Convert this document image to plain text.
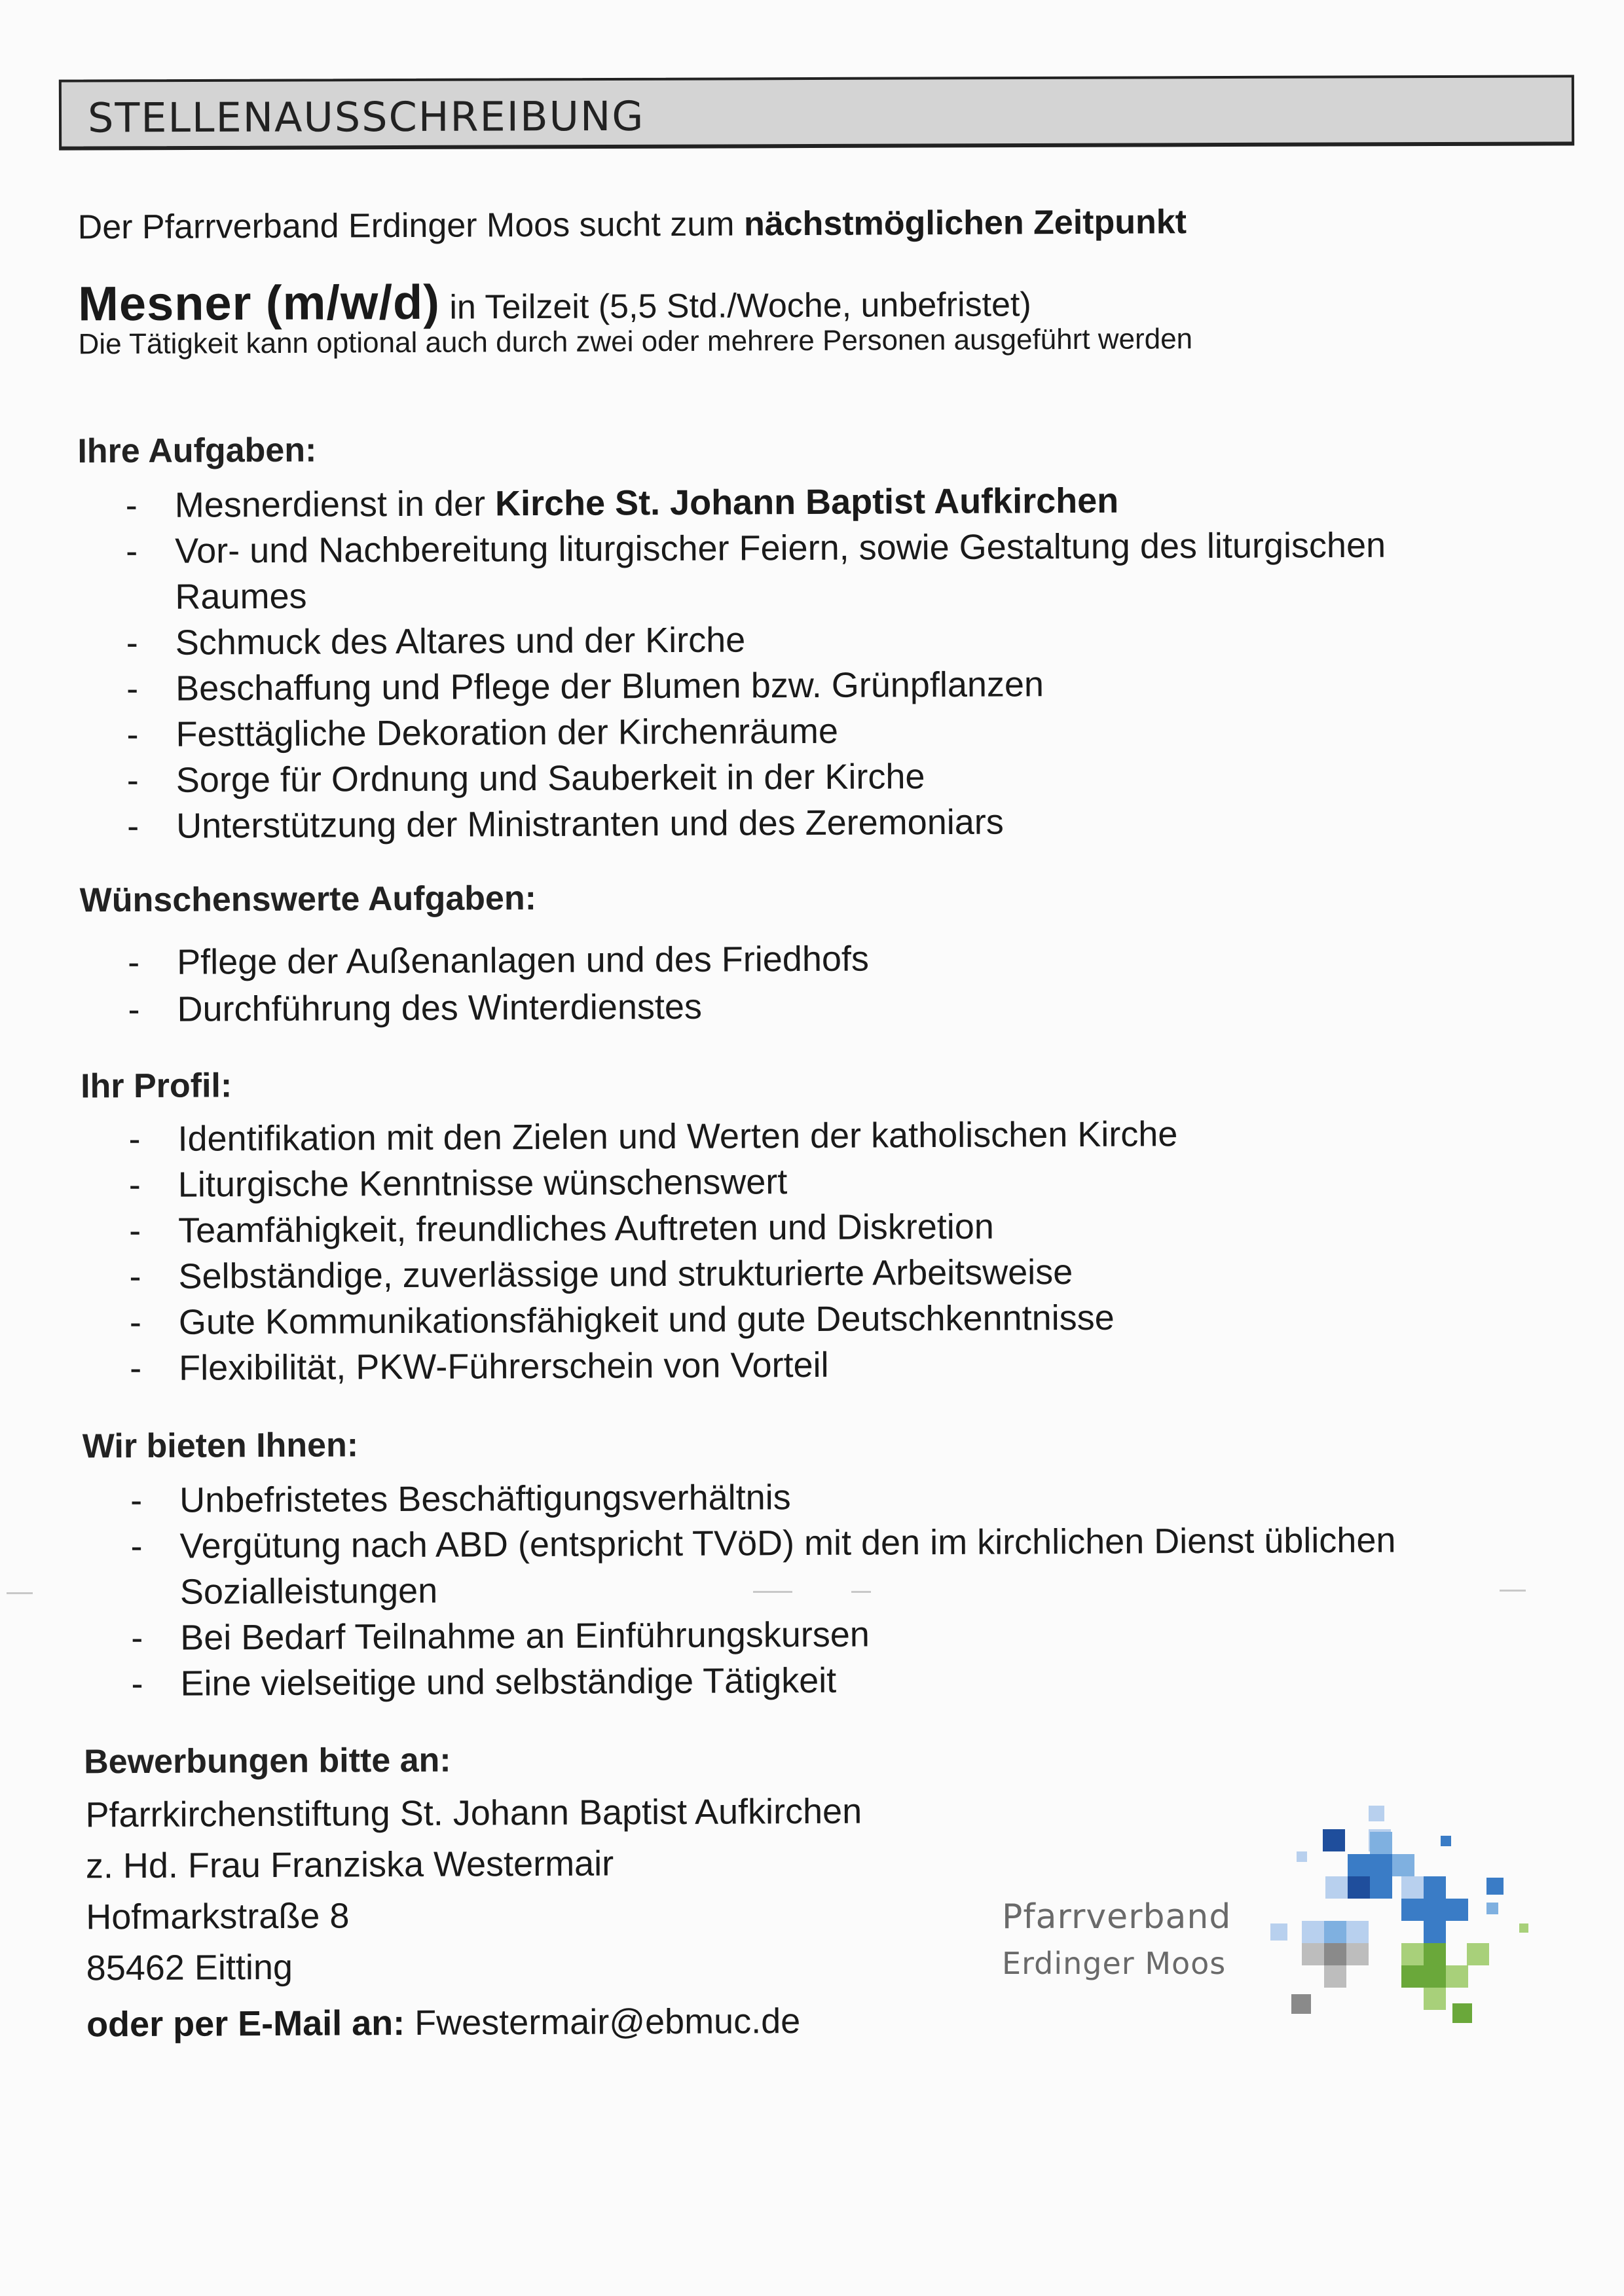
STELLENAUSSCHREIBUNG
Der Pfarrverband Erdinger Moos sucht zum nächstmöglichen Zeitpunkt
Mesner (m/w/d) in Teilzeit (5,5 Std./Woche, unbefristet)
Die Tätigkeit kann optional auch durch zwei oder mehrere Personen ausgeführt werden
Ihre Aufgaben:
- Mesnerdienst in der Kirche St. Johann Baptist Aufkirchen
- Vor- und Nachbereitung liturgischer Feiern, sowie Gestaltung des liturgischen
Raumes
- Schmuck des Altares und der Kirche
- Beschaffung und Pflege der Blumen bzw. Grünpflanzen
- Festtägliche Dekoration der Kirchenräume
- Sorge für Ordnung und Sauberkeit in der Kirche
- Unterstützung der Ministranten und des Zeremoniars
Wünschenswerte Aufgaben:
- Pflege der Außenanlagen und des Friedhofs
- Durchführung des Winterdienstes
Ihr Profil:
- Identifikation mit den Zielen und Werten der katholischen Kirche
- Liturgische Kenntnisse wünschenswert
- Teamfähigkeit, freundliches Auftreten und Diskretion
- Selbständige, zuverlässige und strukturierte Arbeitsweise
- Gute Kommunikationsfähigkeit und gute Deutschkenntnisse
- Flexibilität, PKW-Führerschein von Vorteil
Wir bieten Ihnen:
- Unbefristetes Beschäftigungsverhältnis
- Vergütung nach ABD (entspricht TVöD) mit den im kirchlichen Dienst üblichen
Sozialleistungen
- Bei Bedarf Teilnahme an Einführungskursen
- Eine vielseitige und selbständige Tätigkeit
Bewerbungen bitte an:
Pfarrkirchenstiftung St. Johann Baptist Aufkirchen
z. Hd. Frau Franziska Westermair
Hofmarkstraße 8
85462 Eitting
oder per E-Mail an: Fwestermair@ebmuc.de
Pfarrverband
Erdinger Moos
